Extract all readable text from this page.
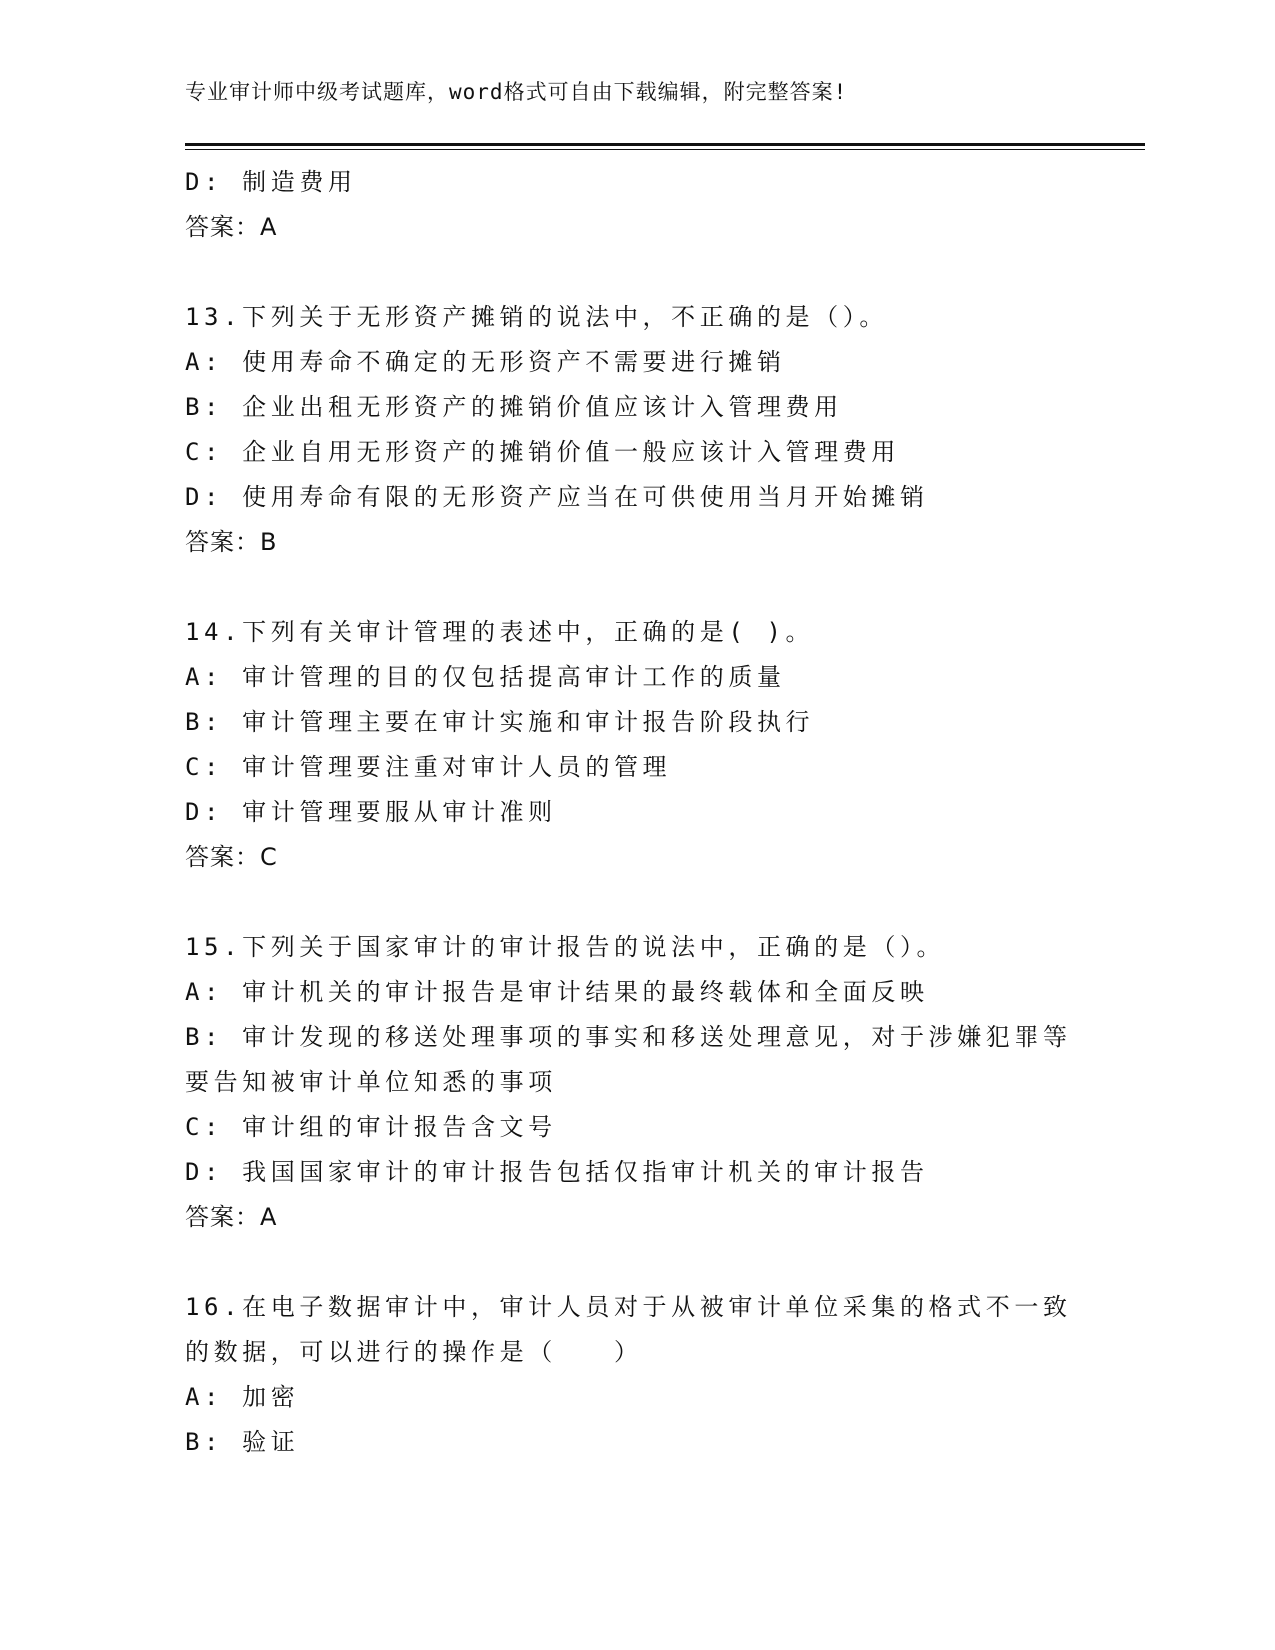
专业审计师中级考试题库，word格式可自由下载编辑，附完整答案!
D: 制造费用
答案：A
13.下列关于无形资产摊销的说法中，不正确的是（）。
A: 使用寿命不确定的无形资产不需要进行摊销
B: 企业出租无形资产的摊销价值应该计入管理费用
C: 企业自用无形资产的摊销价值一般应该计入管理费用
D: 使用寿命有限的无形资产应当在可供使用当月开始摊销
答案：B
14.下列有关审计管理的表述中，正确的是( )。
A: 审计管理的目的仅包括提高审计工作的质量
B: 审计管理主要在审计实施和审计报告阶段执行
C: 审计管理要注重对审计人员的管理
D: 审计管理要服从审计准则
答案：C
15.下列关于国家审计的审计报告的说法中，正确的是（）。
A: 审计机关的审计报告是审计结果的最终载体和全面反映
B: 审计发现的移送处理事项的事实和移送处理意见，对于涉嫌犯罪等
要告知被审计单位知悉的事项
C: 审计组的审计报告含文号
D: 我国国家审计的审计报告包括仅指审计机关的审计报告
答案：A
16.在电子数据审计中，审计人员对于从被审计单位采集的格式不一致
的数据，可以进行的操作是（　　）
A: 加密
B: 验证
